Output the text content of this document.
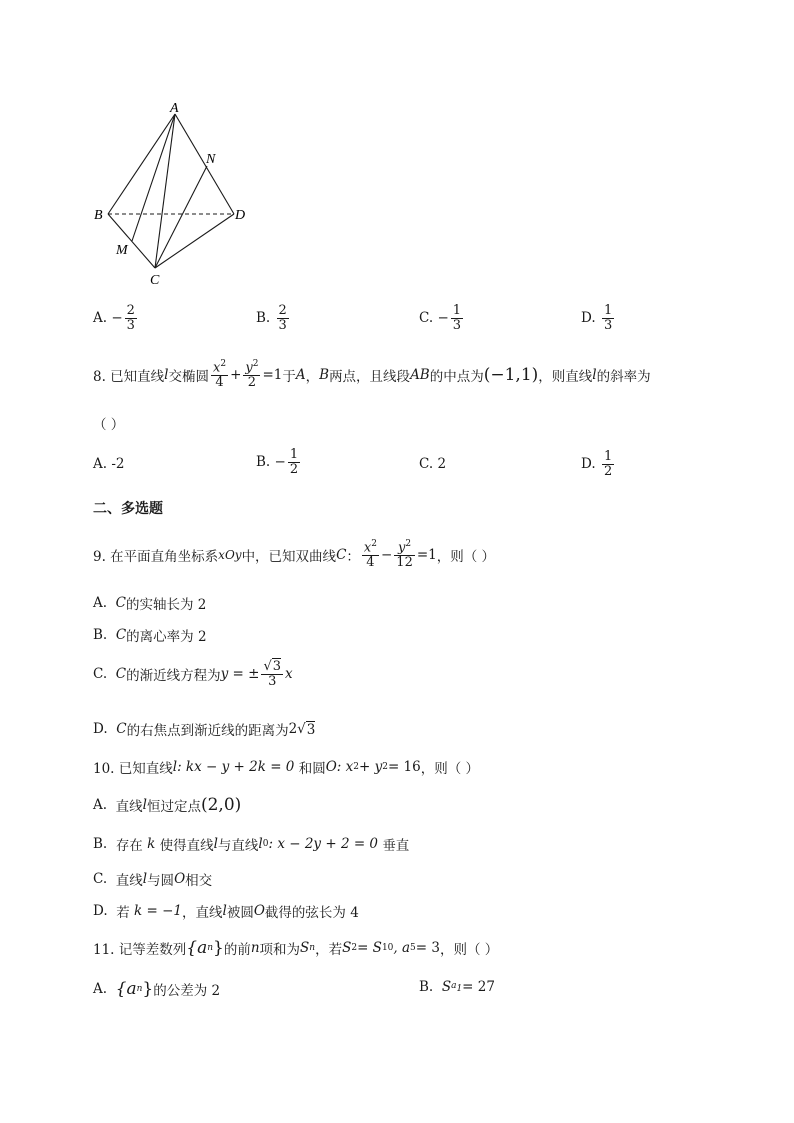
A
N
B	D
M
C
A.
− $\frac{2}{3}$	B.
$\frac{2}{3}$	C.
− $\frac{1}{3}$	D.
$\frac{1}{3}$
8. 已知直线 l 交椭圆 $\frac{x^2}{4} + \frac{y^2}{2} =1$ 于 A ， B 两点，且线段 AB 的中点为 (−1,1) ，则直线 l 的斜率为
（ ）
A.
-2	B.
− $\frac{1}{2}$	C.
2	D.
$\frac{1}{2}$
二、多选题
9. 在平面直角坐标系 xOy 中，已知双曲线 C ： $\frac{x^2}{4} - \frac{y^2}{12} =1$ ，则（ ）
A.
C 的实轴长为 2
B.
C 的离心率为 2
C.
C 的渐近线方程为 y
= ± $\frac{√3}{3}$ x
D.
C 的右焦点到渐近线的距离为 2 √ 3
10. 已知直线 l : kx − y + 2k = 0
和圆 O : x 2 + y 2 = 16 ，则（ ）
A.
直线 l 恒过定点 (2,0)
B.
存在
k
使得直线 l 与直线 l 0 : x − 2y + 2 = 0
垂直
C.
直线 l 与圆 O 相交
D.
若
k = −1 ，直线 l 被圆 O 截得的弦长为 4
11. 记等差数列 {a n } 的前 n 项和为 S n ，若 S 2 = S 10 , a 5 = 3 ，则（ ）
A.
{a n } 的公差为 2	B.
S $a_1 = 27$
